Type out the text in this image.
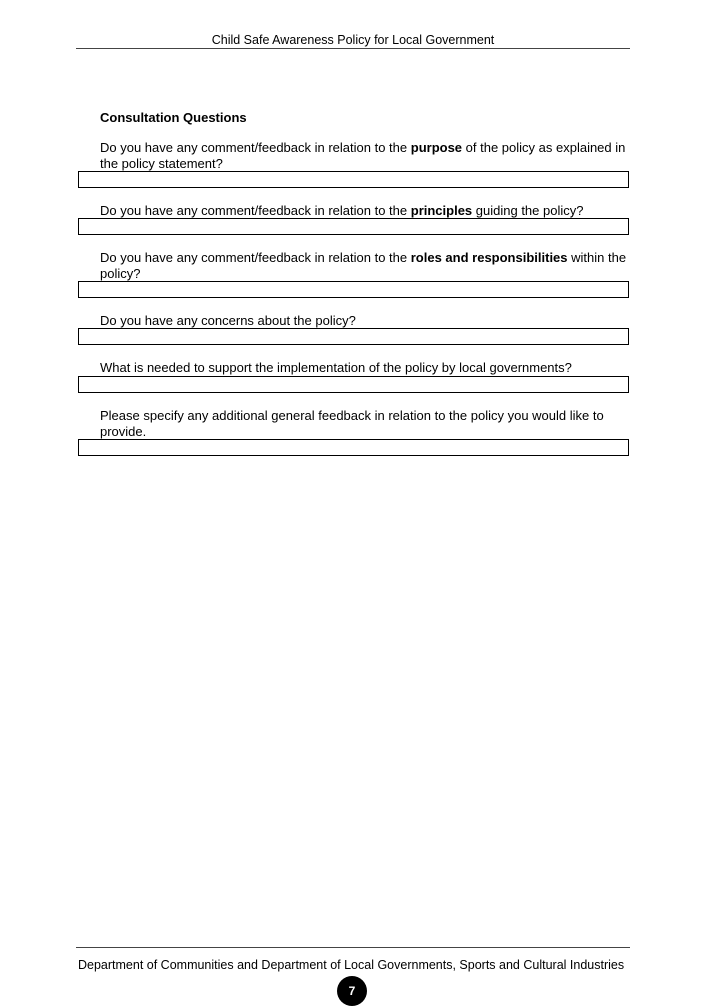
Child Safe Awareness Policy for Local Government
Consultation Questions
Do you have any comment/feedback in relation to the purpose of the policy as explained in the policy statement?
Do you have any comment/feedback in relation to the principles guiding the policy?
Do you have any comment/feedback in relation to the roles and responsibilities within the policy?
Do you have any concerns about the policy?
What is needed to support the implementation of the policy by local governments?
Please specify any additional general feedback in relation to the policy you would like to provide.
Department of Communities and Department of Local Governments, Sports and Cultural Industries
7
